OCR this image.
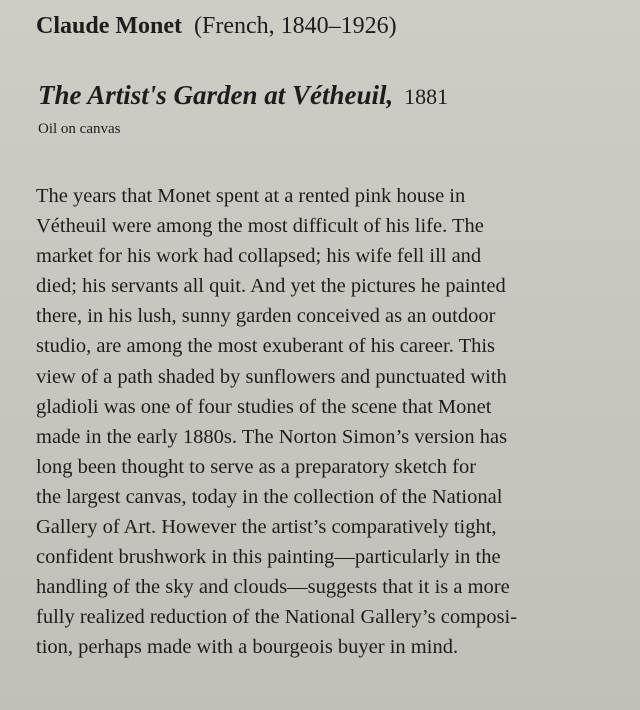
Claude Monet (French, 1840–1926)
The Artist's Garden at Vétheuil, 1881
Oil on canvas
The years that Monet spent at a rented pink house in
Vétheuil were among the most difficult of his life. The
market for his work had collapsed; his wife fell ill and
died; his servants all quit. And yet the pictures he painted
there, in his lush, sunny garden conceived as an outdoor
studio, are among the most exuberant of his career. This
view of a path shaded by sunflowers and punctuated with
gladioli was one of four studies of the scene that Monet
made in the early 1880s. The Norton Simon’s version has
long been thought to serve as a preparatory sketch for
the largest canvas, today in the collection of the National
Gallery of Art. However the artist’s comparatively tight,
confident brushwork in this painting—particularly in the
handling of the sky and clouds—suggests that it is a more
fully realized reduction of the National Gallery’s composi-
tion, perhaps made with a bourgeois buyer in mind.
